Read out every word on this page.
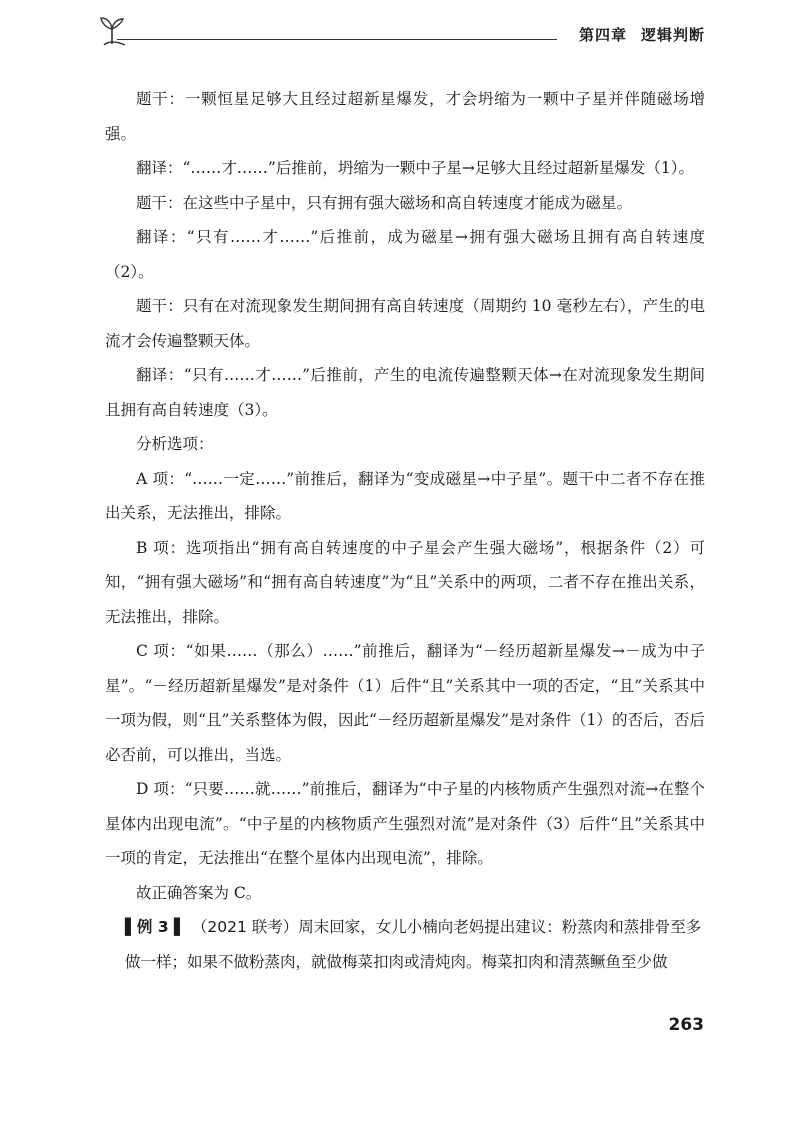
第四章 逻辑判断

题干：一颗恒星足够大且经过超新星爆发，才会坍缩为一颗中子星并伴随磁场增强。

翻译：“……才……”后推前，坍缩为一颗中子星→足够大且经过超新星爆发（1）。

题干：在这些中子星中，只有拥有强大磁场和高自转速度才能成为磁星。

翻译：“只有……才……”后推前，成为磁星→拥有强大磁场且拥有高自转速度（2）。

题干：只有在对流现象发生期间拥有高自转速度（周期约 10 毫秒左右），产生的电流才会传遍整颗天体。

翻译：“只有……才……”后推前，产生的电流传遍整颗天体→在对流现象发生期间且拥有高自转速度（3）。

分析选项：

A 项：“……一定……”前推后，翻译为“变成磁星→中子星”。题干中二者不存在推出关系，无法推出，排除。

B 项：选项指出“拥有高自转速度的中子星会产生强大磁场”，根据条件（2）可知，“拥有强大磁场”和“拥有高自转速度”为“且”关系中的两项，二者不存在推出关系，无法推出，排除。

C 项：“如果……（那么）……”前推后，翻译为“－经历超新星爆发→－成为中子星”。“－经历超新星爆发”是对条件（1）后件“且”关系其中一项的否定，“且”关系其中一项为假，则“且”关系整体为假，因此“－经历超新星爆发”是对条件（1）的否后，否后必否前，可以推出，当选。

D 项：“只要……就……”前推后，翻译为“中子星的内核物质产生强烈对流→在整个星体内出现电流”。“中子星的内核物质产生强烈对流”是对条件（3）后件“且”关系其中一项的肯定，无法推出“在整个星体内出现电流”，排除。

故正确答案为 C。

▌例 3 ▌ （2021 联考）周末回家，女儿小楠向老妈提出建议：粉蒸肉和蒸排骨至多做一样；如果不做粉蒸肉，就做梅菜扣肉或清炖肉。梅菜扣肉和清蒸鳜鱼至少做

263
